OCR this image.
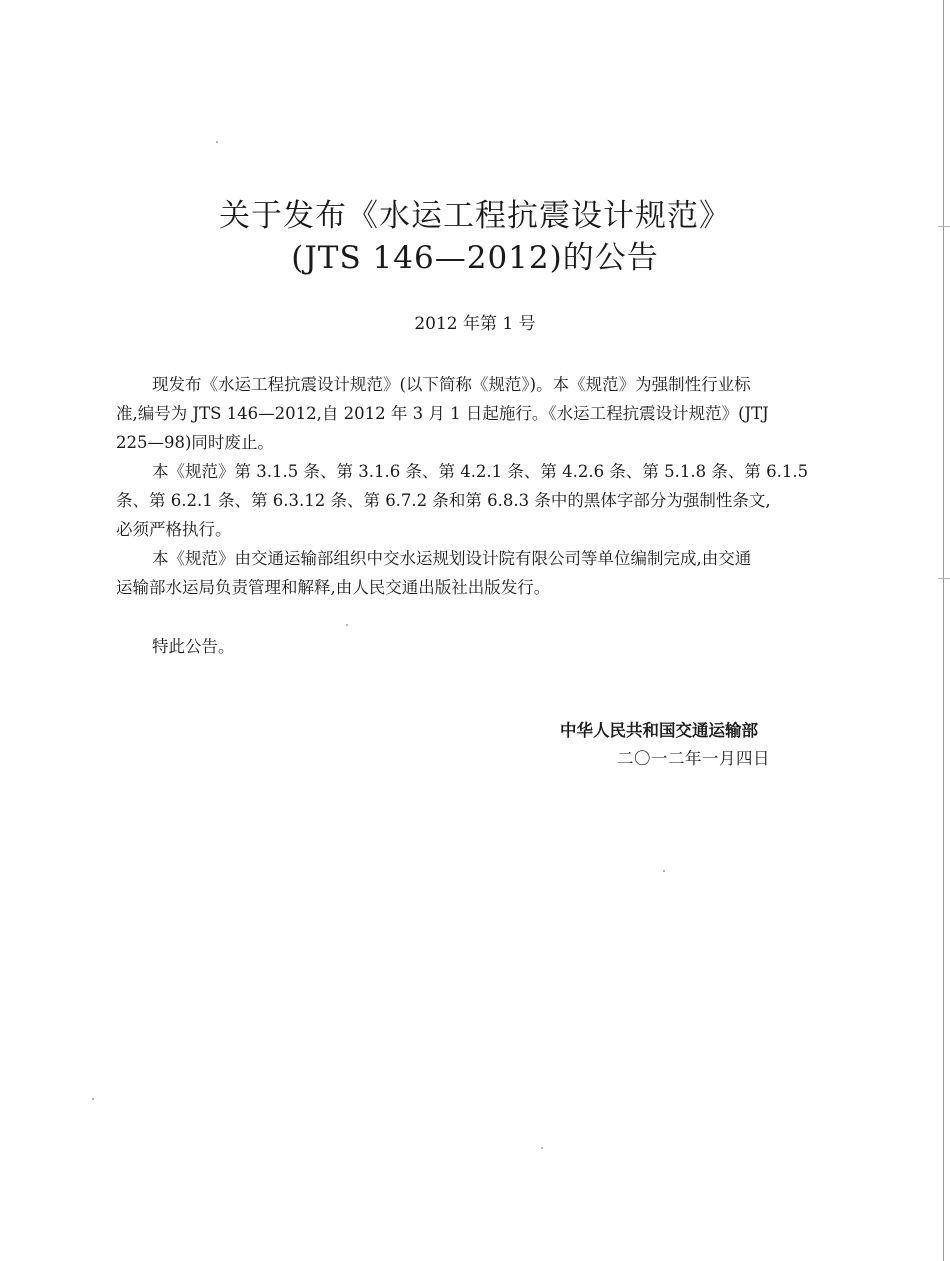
关于发布《水运工程抗震设计规范》
(JTS 146—2012)的公告
2012 年第 1 号
现发布《水运工程抗震设计规范》(以下简称《规范》)。本《规范》为强制性行业标
准,编号为 JTS 146—2012,自 2012 年 3 月 1 日起施行。《水运工程抗震设计规范》(JTJ
225—98)同时废止。
本《规范》第 3.1.5 条、第 3.1.6 条、第 4.2.1 条、第 4.2.6 条、第 5.1.8 条、第 6.1.5
条、第 6.2.1 条、第 6.3.12 条、第 6.7.2 条和第 6.8.3 条中的黑体字部分为强制性条文,
必须严格执行。
本《规范》由交通运输部组织中交水运规划设计院有限公司等单位编制完成,由交通
运输部水运局负责管理和解释,由人民交通出版社出版发行。
特此公告。
中华人民共和国交通运输部
二〇一二年一月四日
